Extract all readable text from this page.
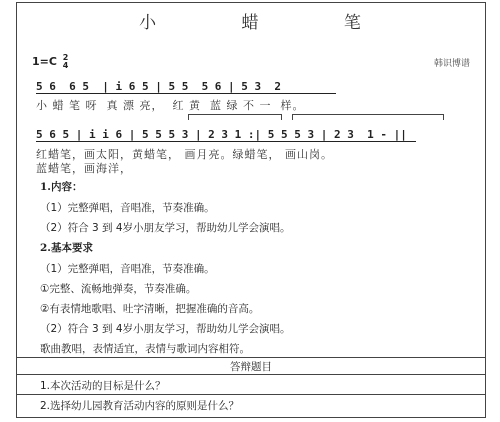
小 蜡 笔
1=C 2
4	韩识博谱
5 6  6 5  | i 6 5 | 5 5  5 6 | 5 3  2
小 蜡 笔 呀  真 漂 亮，  红 黄  蓝 绿 不 一  样。
5 6 5 | i i 6 | 5 5 5 3 | 2 3 1 :| 5 5 5 3 | 2 3  1 - ||
红蜡笔，画太阳，黄蜡笔， 画月亮。绿蜡笔， 画山岗。
蓝蜡笔，画海洋，
1.内容：
（1）完整弹唱，音唱准，节奏准确。
（2）符合 3 到 4岁小朋友学习，帮助幼儿学会演唱。
2.基本要求
（1）完整弹唱，音唱准，节奏准确。
①完整、流畅地弹奏，节奏准确。
②有表情地歌唱、吐字清晰，把握准确的音高。
（2）符合 3 到 4岁小朋友学习，帮助幼儿学会演唱。
歌曲教唱，表情适宜，表情与歌词内容相符。
答辩题目
1.本次活动的目标是什么？
2.选择幼儿园教育活动内容的原则是什么？
